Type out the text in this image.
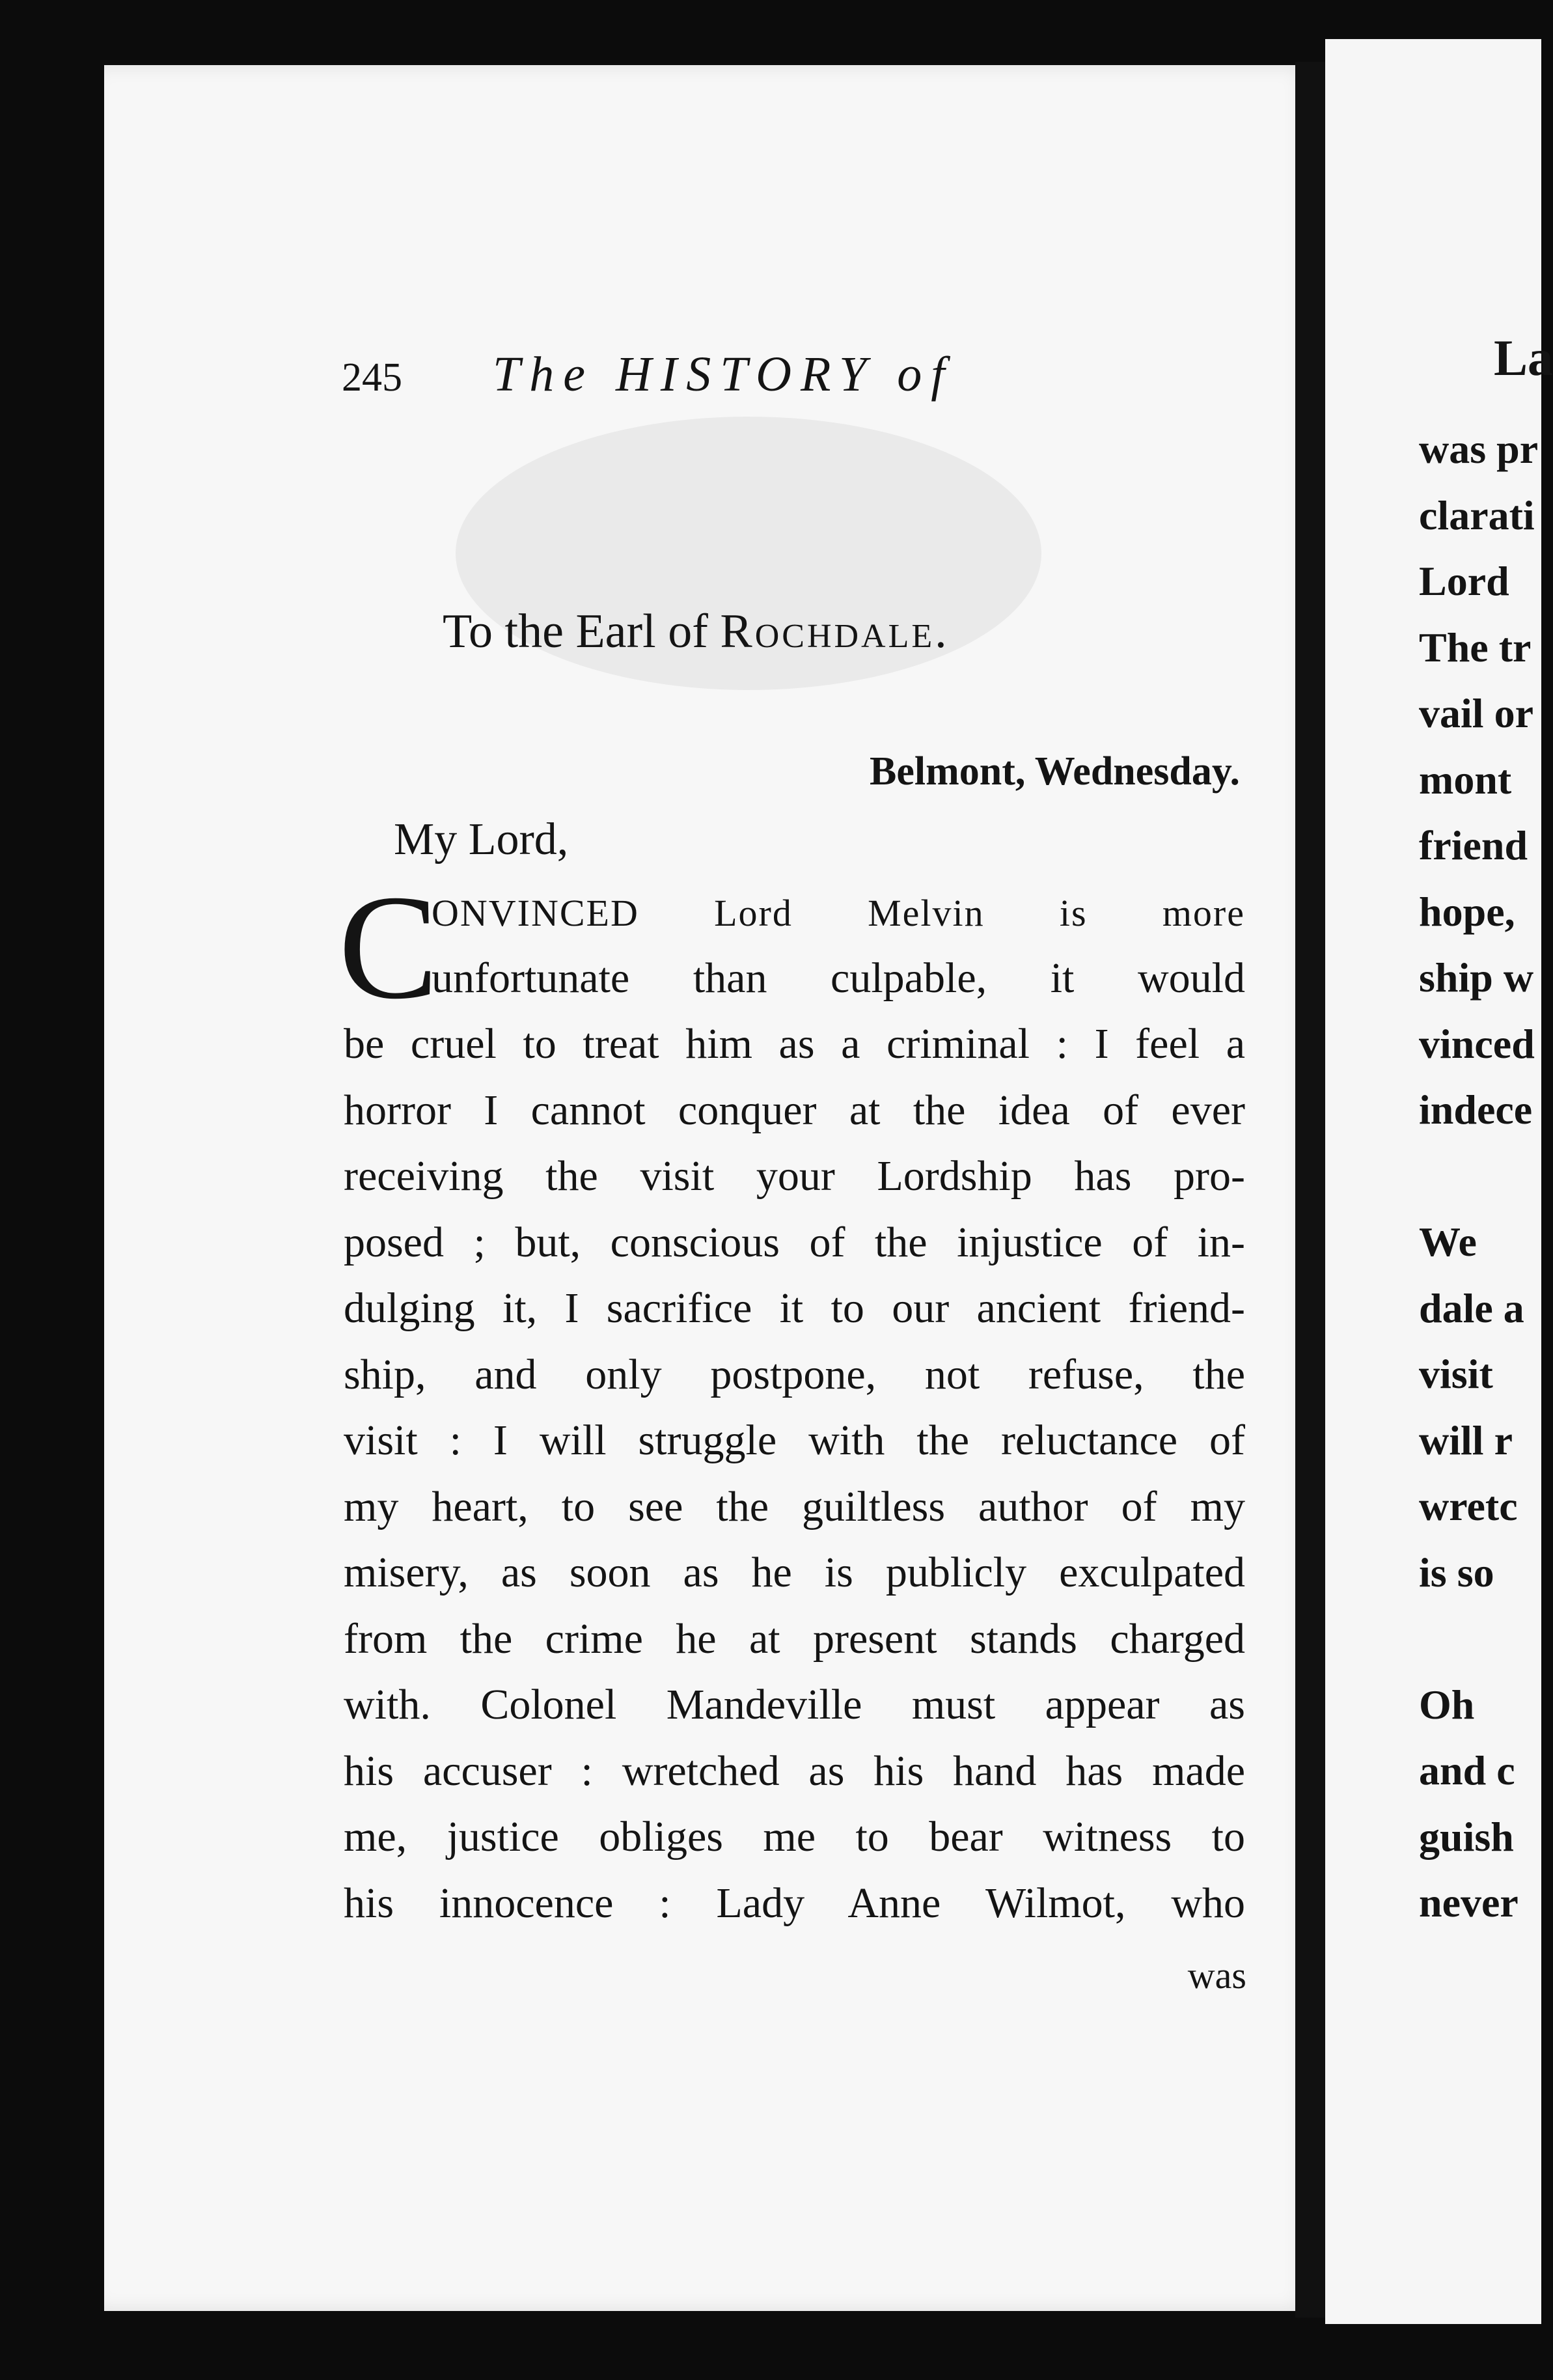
245 The HISTORY of
To the Earl of Rochdale.
Belmont, Wednesday.
My Lord,
C
ONVINCED Lord Melvin is more
unfortunate than culpable, it would
be cruel to treat him as a criminal : I feel a
horror I cannot conquer at the idea of ever
receiving the visit your Lordship has pro-
posed ; but, conscious of the injustice of in-
dulging it, I sacrifice it to our ancient friend-
ship, and only postpone, not refuse, the
visit : I will struggle with the reluctance of
my heart, to see the guiltless author of my
misery, as soon as he is publicly exculpated
from the crime he at present stands charged
with. Colonel Mandeville must appear as
his accuser : wretched as his hand has made
me, justice obliges me to bear witness to
his innocence : Lady Anne Wilmot, who
was
La
was pr
clarati
Lord
The tr
vail or
mont
friend
hope,
ship w
vinced
indece
We
dale a
visit
will r
wretc
is so
Oh
and c
guish
never
